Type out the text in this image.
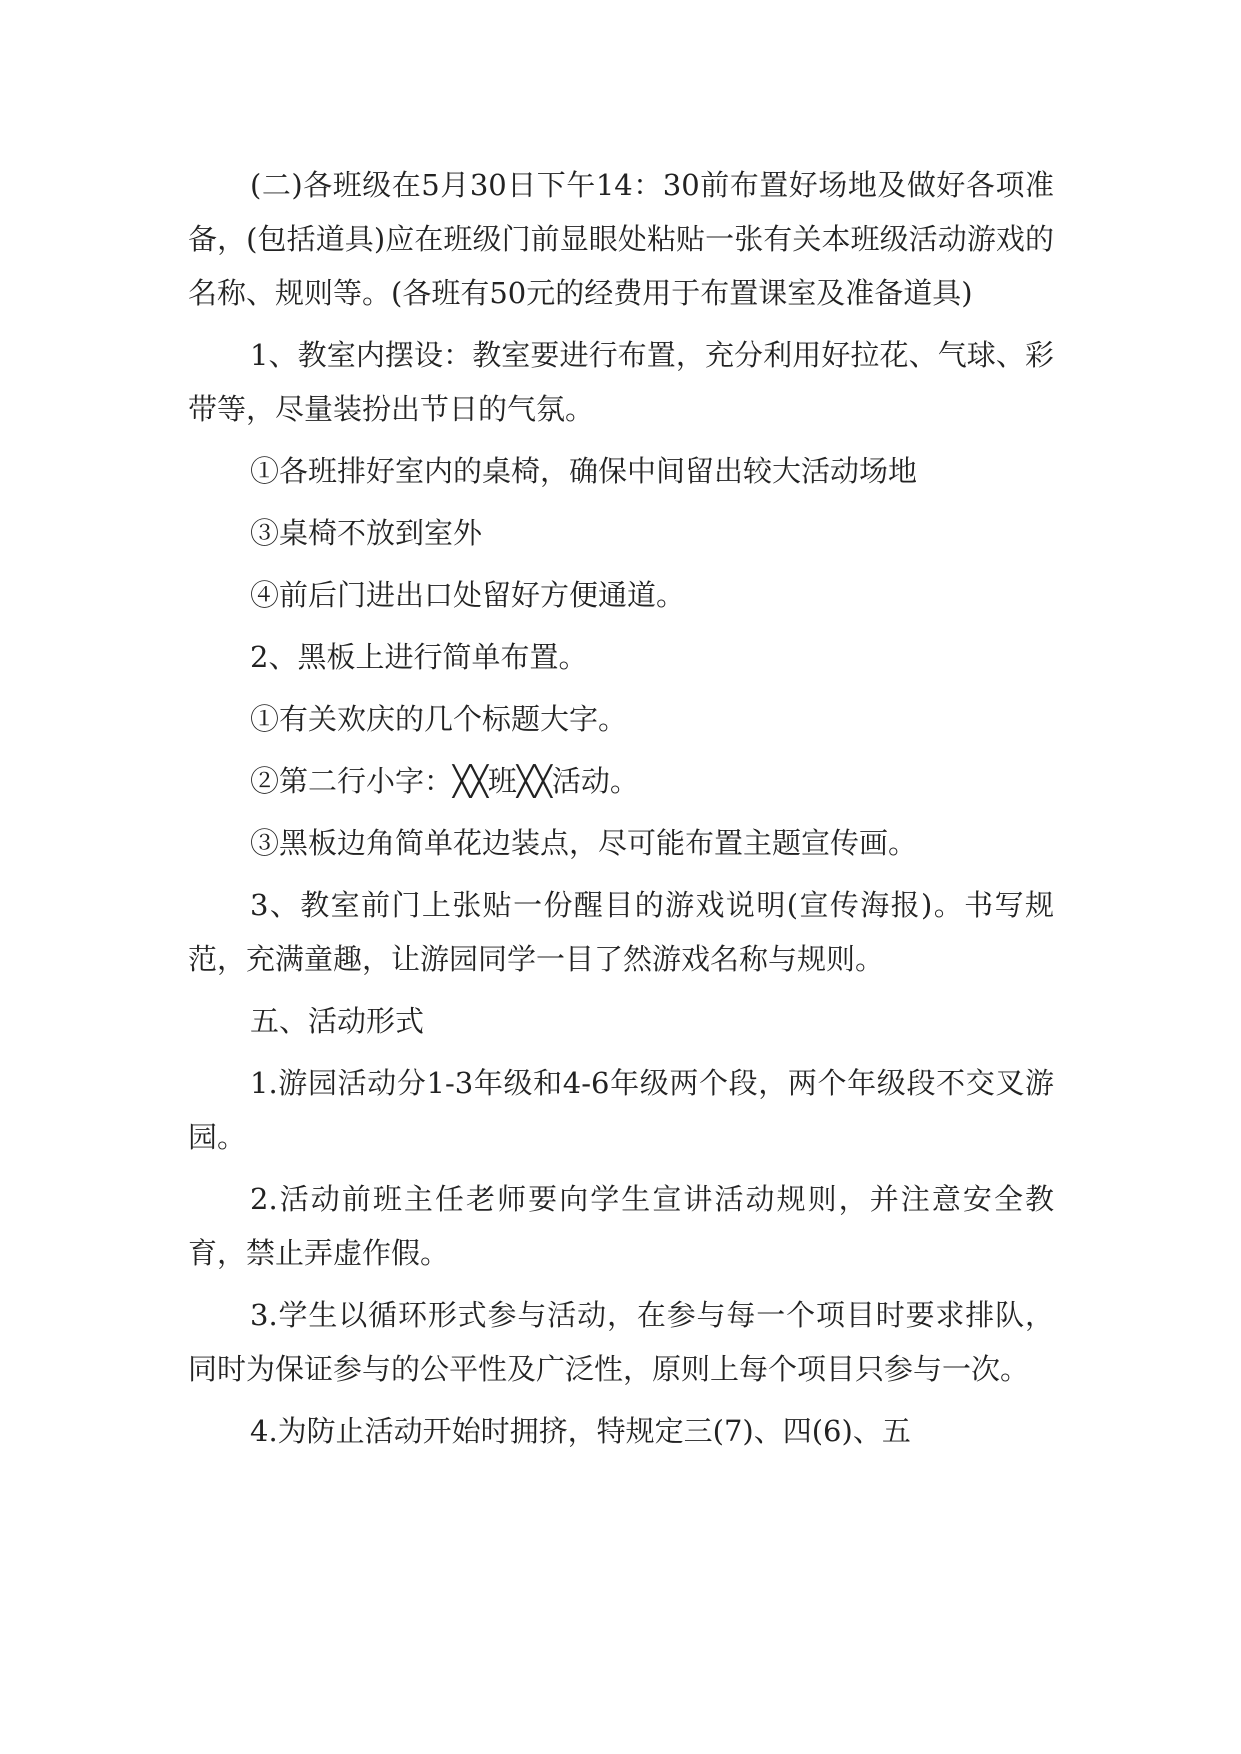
(二)各班级在5月30日下午14：30前布置好场地及做好各项准备，(包括道具)应在班级门前显眼处粘贴一张有关本班级活动游戏的名称、规则等。(各班有50元的经费用于布置课室及准备道具)

1、教室内摆设：教室要进行布置，充分利用好拉花、气球、彩带等，尽量装扮出节日的气氛。

①各班排好室内的桌椅，确保中间留出较大活动场地

③桌椅不放到室外

④前后门进出口处留好方便通道。

2、黑板上进行简单布置。

①有关欢庆的几个标题大字。

②第二行小字：╳╳班╳╳活动。

③黑板边角简单花边装点，尽可能布置主题宣传画。

3、教室前门上张贴一份醒目的游戏说明(宣传海报)。书写规范，充满童趣，让游园同学一目了然游戏名称与规则。

五、活动形式

1.游园活动分1-3年级和4-6年级两个段，两个年级段不交叉游园。

2.活动前班主任老师要向学生宣讲活动规则，并注意安全教育，禁止弄虚作假。

3.学生以循环形式参与活动，在参与每一个项目时要求排队，同时为保证参与的公平性及广泛性，原则上每个项目只参与一次。

4.为防止活动开始时拥挤，特规定三(7)、四(6)、五
